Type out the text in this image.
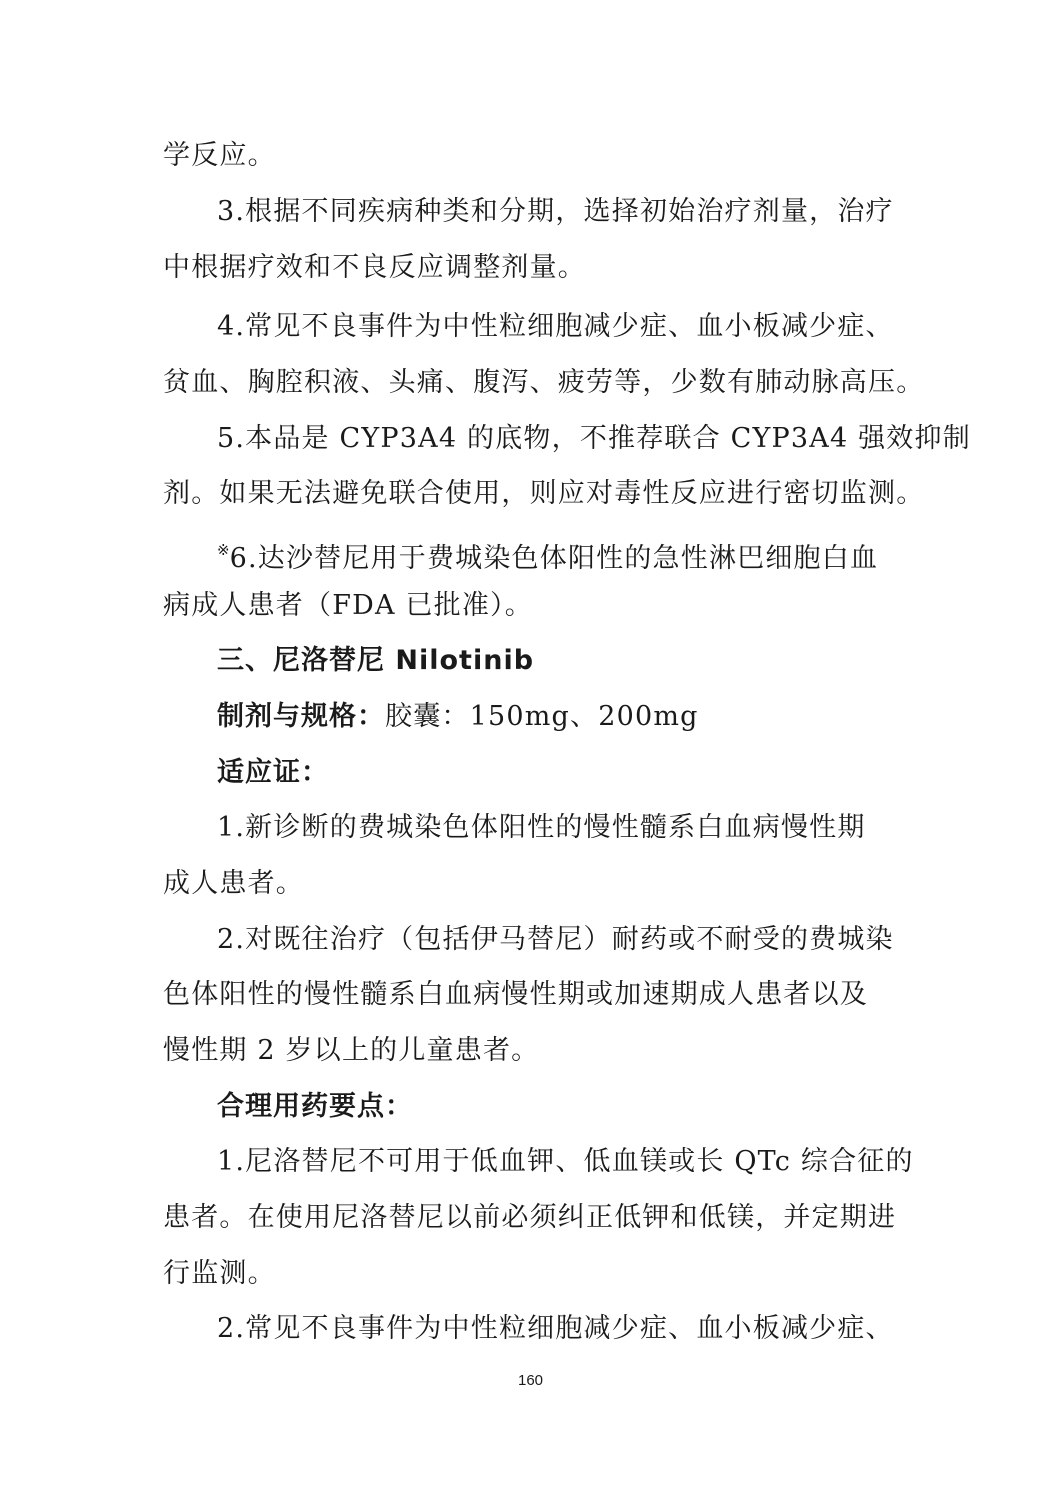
学反应。
3.根据不同疾病种类和分期，选择初始治疗剂量，治疗
中根据疗效和不良反应调整剂量。
4.常见不良事件为中性粒细胞减少症、血小板减少症、
贫血、胸腔积液、头痛、腹泻、疲劳等，少数有肺动脉高压。
5.本品是 CYP3A4 的底物，不推荐联合 CYP3A4 强效抑制
剂。如果无法避免联合使用，则应对毒性反应进行密切监测。
※6.达沙替尼用于费城染色体阳性的急性淋巴细胞白血
病成人患者（FDA 已批准）。
三、尼洛替尼 Nilotinib
制剂与规格：胶囊：150mg、200mg
适应证：
1.新诊断的费城染色体阳性的慢性髓系白血病慢性期
成人患者。
2.对既往治疗（包括伊马替尼）耐药或不耐受的费城染
色体阳性的慢性髓系白血病慢性期或加速期成人患者以及
慢性期 2 岁以上的儿童患者。
合理用药要点：
1.尼洛替尼不可用于低血钾、低血镁或长 QTc 综合征的
患者。在使用尼洛替尼以前必须纠正低钾和低镁，并定期进
行监测。
2.常见不良事件为中性粒细胞减少症、血小板减少症、
160
